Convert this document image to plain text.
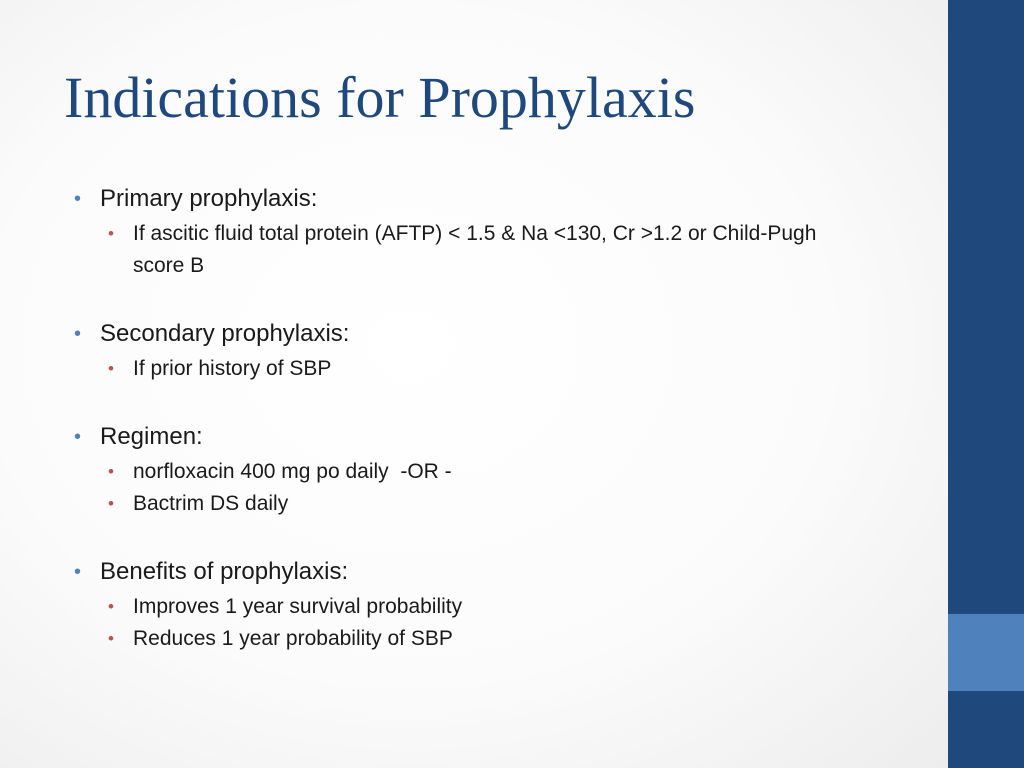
Indications for Prophylaxis
• Primary prophylaxis:
• If ascitic fluid total protein (AFTP) < 1.5 & Na <130, Cr >1.2 or Child-Pugh score B
• Secondary prophylaxis:
• If prior history of SBP
• Regimen:
• norfloxacin 400 mg po daily  -OR -
• Bactrim DS daily
• Benefits of prophylaxis:
• Improves 1 year survival probability
• Reduces 1 year probability of SBP
